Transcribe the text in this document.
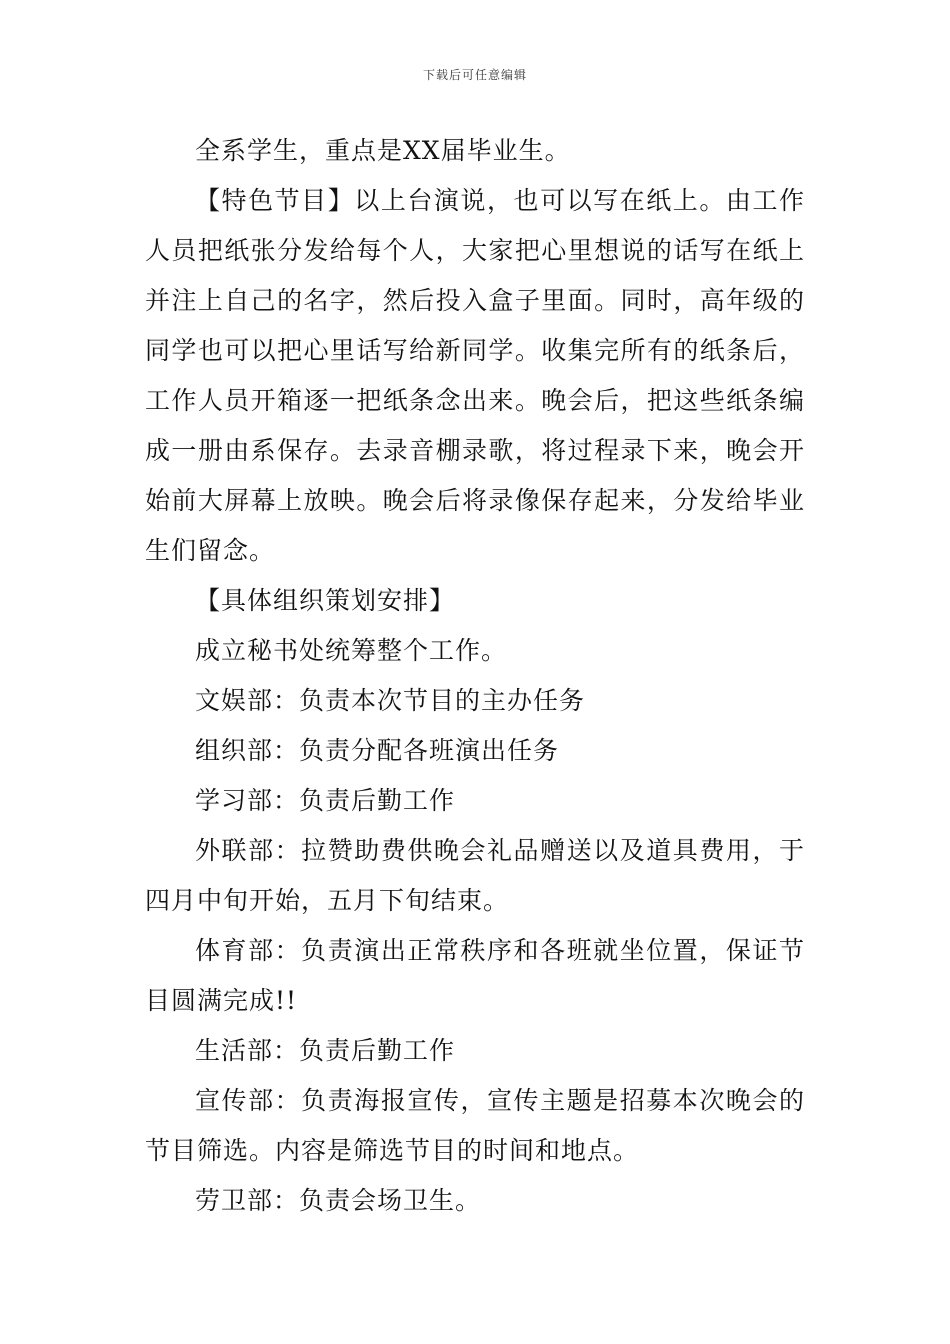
下载后可任意编辑

全系学生，重点是XX届毕业生。

【特色节目】以上台演说，也可以写在纸上。由工作人员把纸张分发给每个人，大家把心里想说的话写在纸上并注上自己的名字，然后投入盒子里面。同时，高年级的同学也可以把心里话写给新同学。收集完所有的纸条后，工作人员开箱逐一把纸条念出来。晚会后，把这些纸条编成一册由系保存。去录音棚录歌，将过程录下来，晚会开始前大屏幕上放映。晚会后将录像保存起来，分发给毕业生们留念。

【具体组织策划安排】

成立秘书处统筹整个工作。

文娱部：负责本次节目的主办任务

组织部：负责分配各班演出任务

学习部：负责后勤工作

外联部：拉赞助费供晚会礼品赠送以及道具费用，于四月中旬开始，五月下旬结束。

体育部：负责演出正常秩序和各班就坐位置，保证节目圆满完成!!

生活部：负责后勤工作

宣传部：负责海报宣传，宣传主题是招募本次晚会的节目筛选。内容是筛选节目的时间和地点。

劳卫部：负责会场卫生。
